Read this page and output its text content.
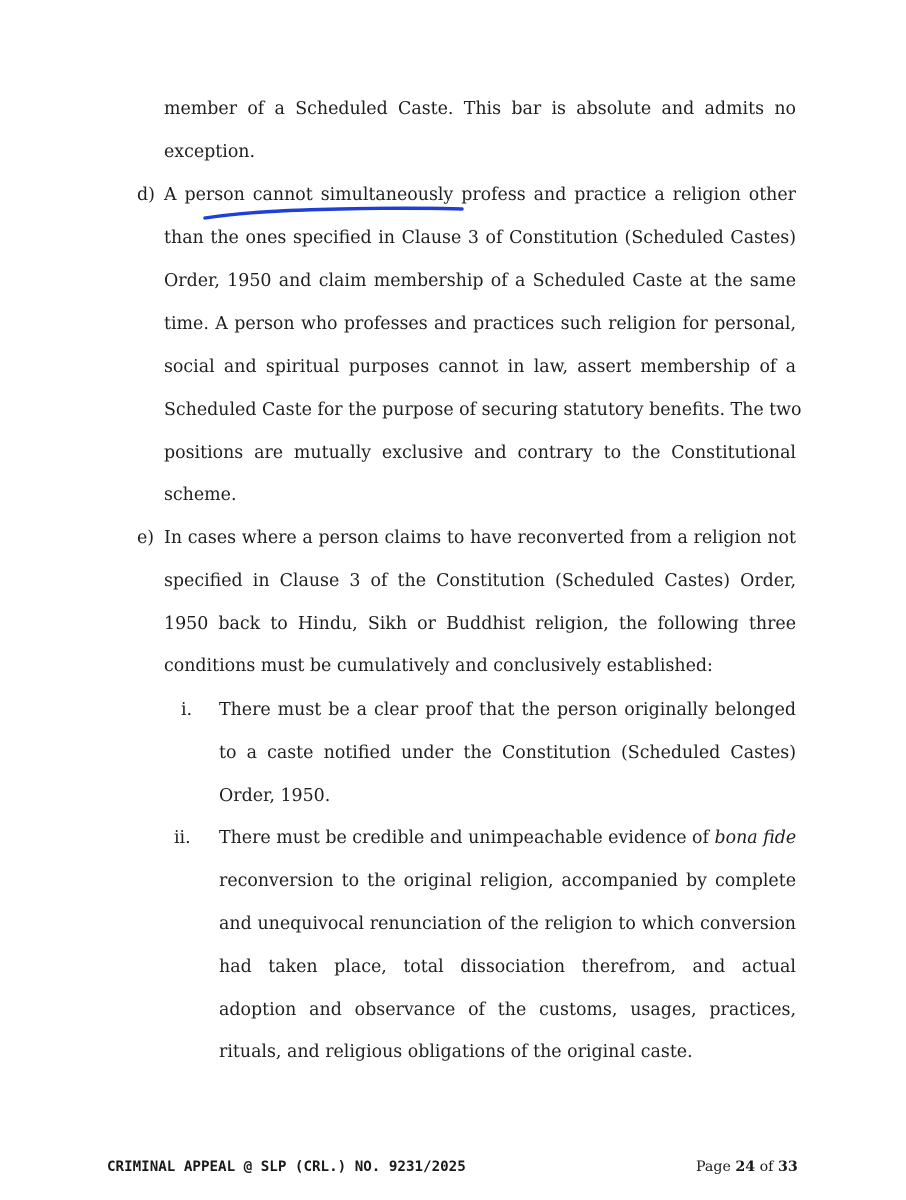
member of a Scheduled Caste. This bar is absolute and admits no
exception.
d) A person cannot simultaneously profess and practice a religion other
than the ones specified in Clause 3 of Constitution (Scheduled Castes)
Order, 1950 and claim membership of a Scheduled Caste at the same
time. A person who professes and practices such religion for personal,
social and spiritual purposes cannot in law, assert membership of a
Scheduled Caste for the purpose of securing statutory benefits. The two
positions are mutually exclusive and contrary to the Constitutional
scheme.
e) In cases where a person claims to have reconverted from a religion not
specified in Clause 3 of the Constitution (Scheduled Castes) Order,
1950 back to Hindu, Sikh or Buddhist religion, the following three
conditions must be cumulatively and conclusively established:
i. There must be a clear proof that the person originally belonged
to a caste notified under the Constitution (Scheduled Castes)
Order, 1950.
ii. There must be credible and unimpeachable evidence of bona fide
reconversion to the original religion, accompanied by complete
and unequivocal renunciation of the religion to which conversion
had taken place, total dissociation therefrom, and actual
adoption and observance of the customs, usages, practices,
rituals, and religious obligations of the original caste.
CRIMINAL APPEAL @ SLP (CRL.) NO. 9231/2025	Page 24 of 33
